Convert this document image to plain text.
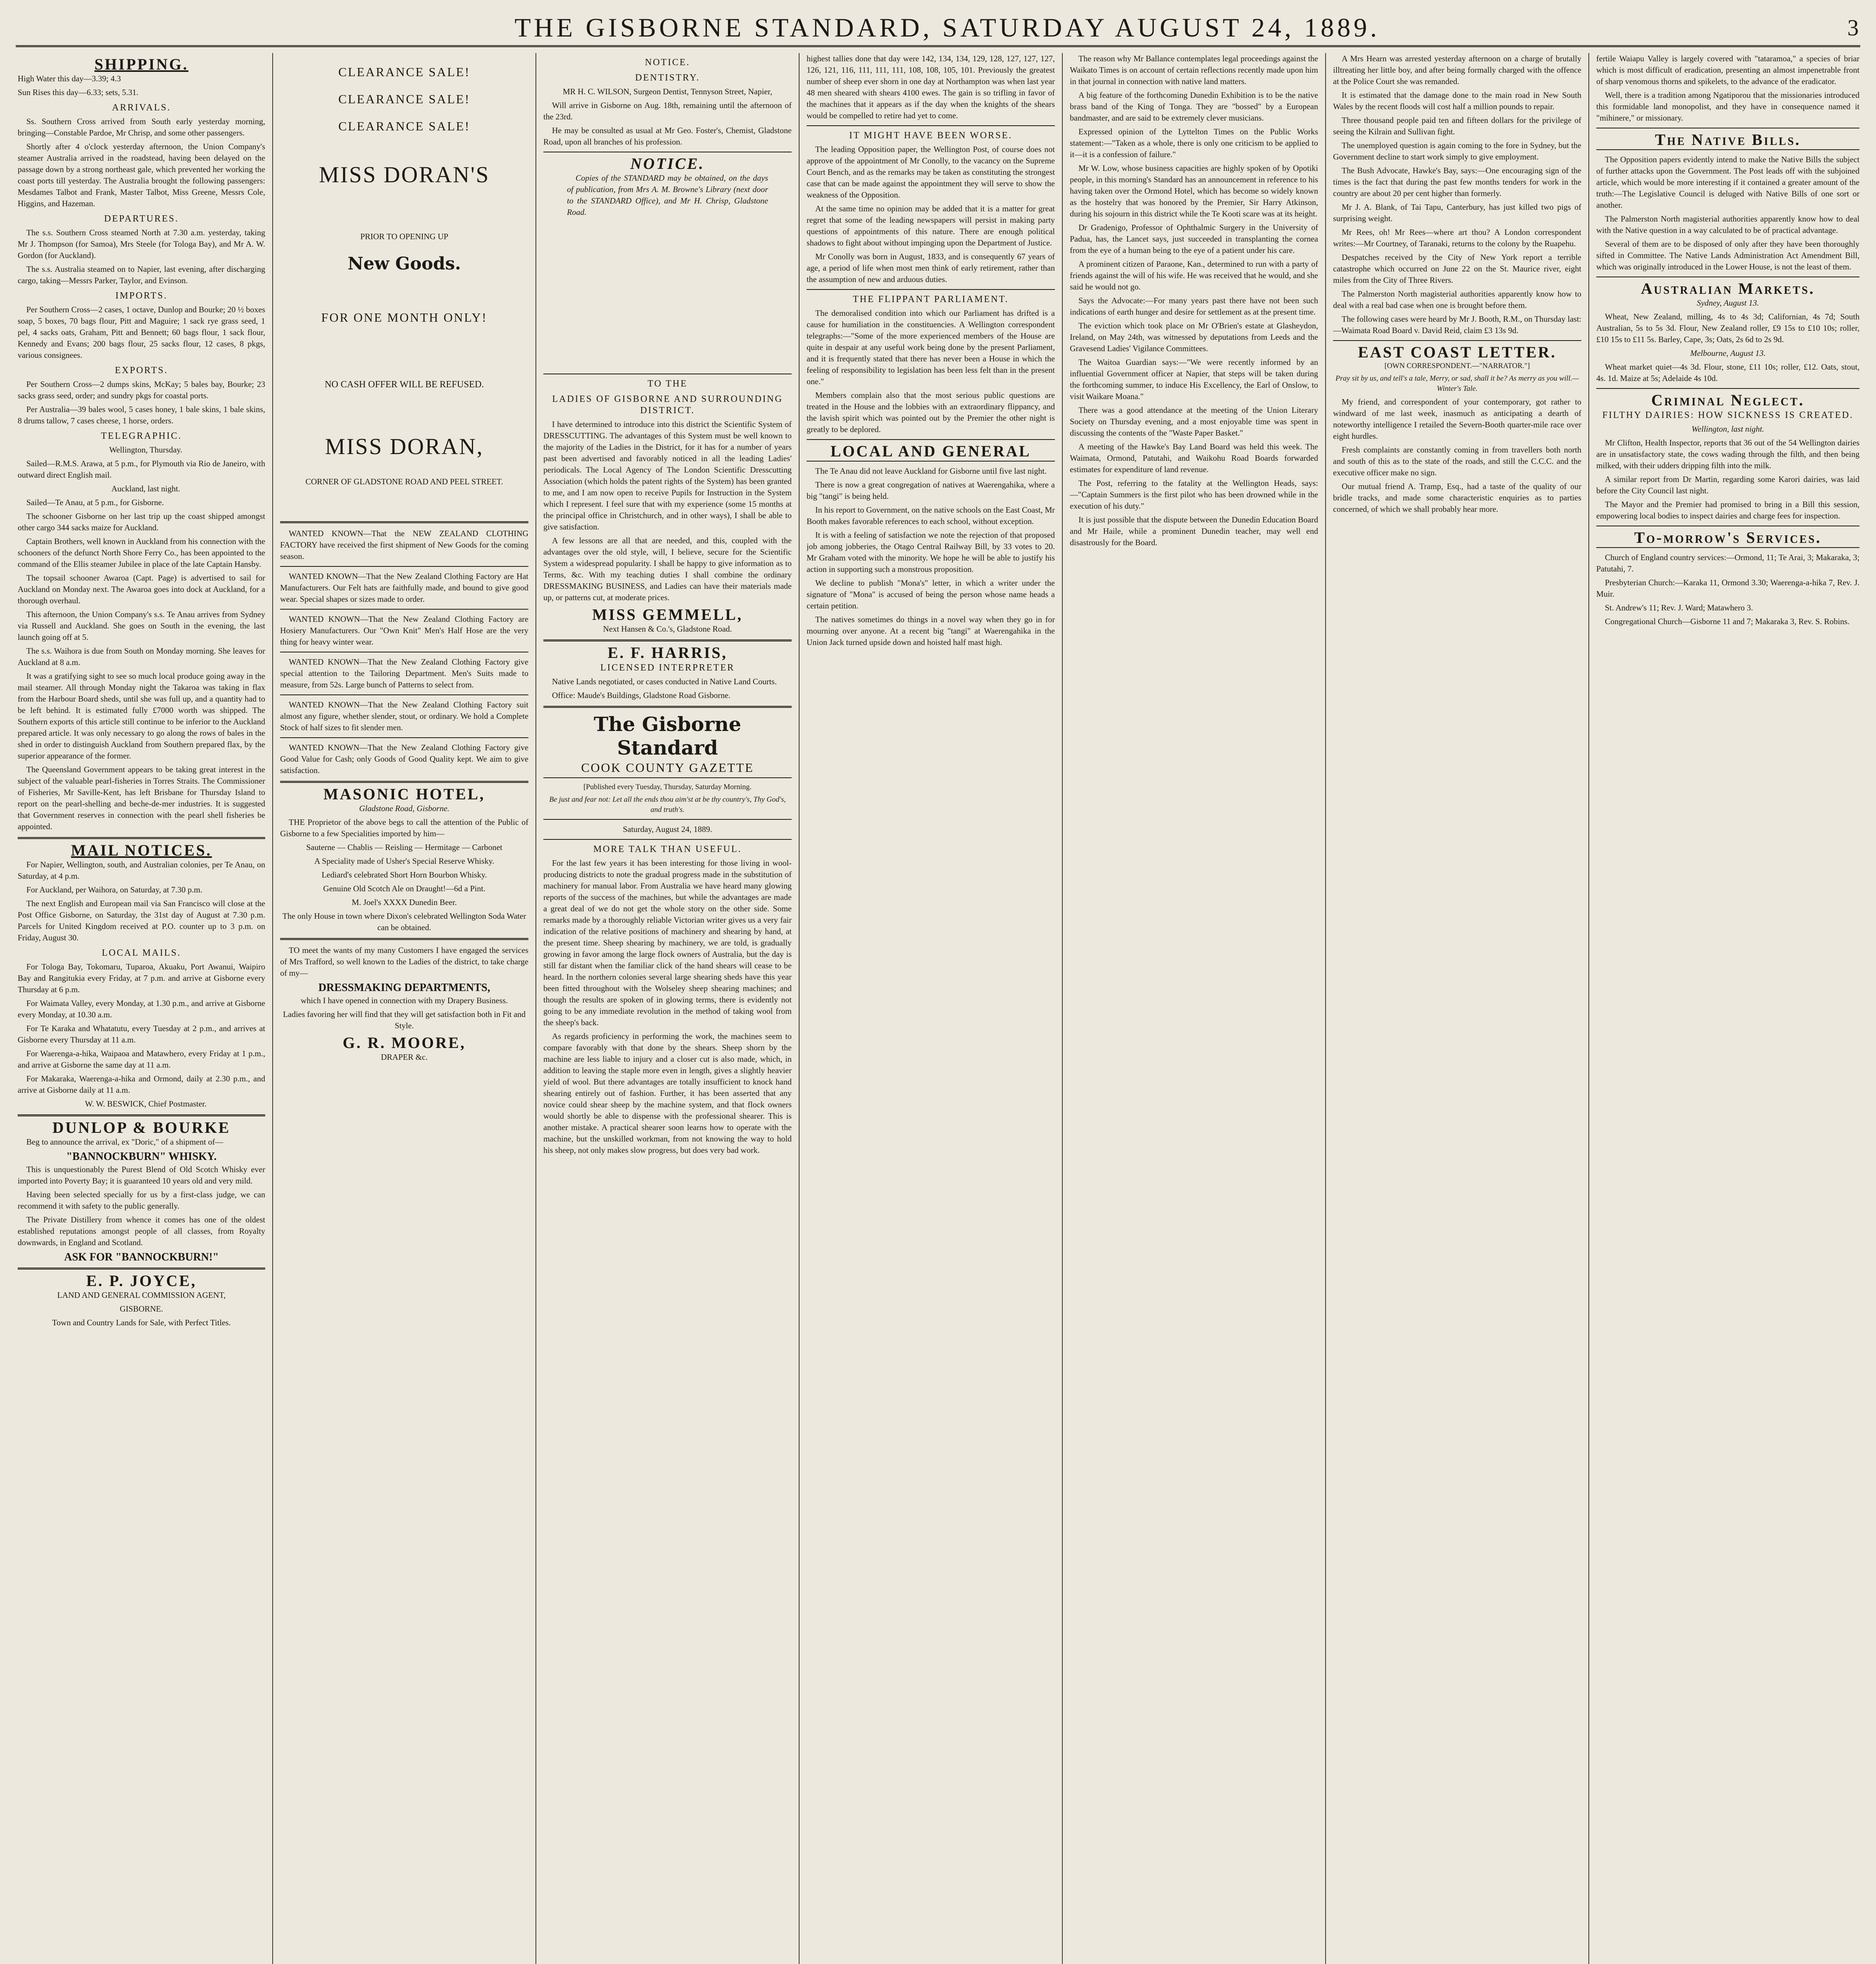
THE GISBORNE STANDARD, SATURDAY AUGUST 24, 1889.	3
SHIPPING.

High Water this day—3.39; 4.3

Sun Rises this day—6.33; sets, 5.31.

ARRIVALS.

Ss. Southern Cross arrived from South early yesterday morning, bringing—Constable Pardoe, Mr Chrisp, and some other passengers.

Shortly after 4 o'clock yesterday afternoon, the Union Company's steamer Australia arrived in the roadstead, having been delayed on the passage down by a strong northeast gale, which prevented her working the coast ports till yesterday. The Australia brought the following passengers: Mesdames Talbot and Frank, Master Talbot, Miss Greene, Messrs Cole, Higgins, and Hazeman.

DEPARTURES.

The s.s. Southern Cross steamed North at 7.30 a.m. yesterday, taking Mr J. Thompson (for Samoa), Mrs Steele (for Tologa Bay), and Mr A. W. Gordon (for Auckland).

The s.s. Australia steamed on to Napier, last evening, after discharging cargo, taking—Messrs Parker, Taylor, and Evinson.

IMPORTS.

Per Southern Cross—2 cases, 1 octave, Dunlop and Bourke; 20 ½ boxes soap, 5 boxes, 70 bags flour, Pitt and Maguire; 1 sack rye grass seed, 1 pel, 4 sacks oats, Graham, Pitt and Bennett; 60 bags flour, 1 sack flour, Kennedy and Evans; 200 bags flour, 25 sacks flour, 12 cases, 8 pkgs, various consignees.

EXPORTS.

Per Southern Cross—2 dumps skins, McKay; 5 bales bay, Bourke; 23 sacks grass seed, order; and sundry pkgs for coastal ports.

Per Australia—39 bales wool, 5 cases honey, 1 bale skins, 1 bale skins, 8 drums tallow, 7 cases cheese, 1 horse, orders.

TELEGRAPHIC.

Wellington, Thursday.

Sailed—R.M.S. Arawa, at 5 p.m., for Plymouth via Rio de Janeiro, with outward direct English mail.

Auckland, last night.

Sailed—Te Anau, at 5 p.m., for Gisborne.

The schooner Gisborne on her last trip up the coast shipped amongst other cargo 344 sacks maize for Auckland.

Captain Brothers, well known in Auckland from his connection with the schooners of the defunct North Shore Ferry Co., has been appointed to the command of the Ellis steamer Jubilee in place of the late Captain Hansby.

The topsail schooner Awaroa (Capt. Page) is advertised to sail for Auckland on Monday next. The Awaroa goes into dock at Auckland, for a thorough overhaul.

This afternoon, the Union Company's s.s. Te Anau arrives from Sydney via Russell and Auckland. She goes on South in the evening, the last launch going off at 5.

The s.s. Waihora is due from South on Monday morning. She leaves for Auckland at 8 a.m.

It was a gratifying sight to see so much local produce going away in the mail steamer. All through Monday night the Takaroa was taking in flax from the Harbour Board sheds, until she was full up, and a quantity had to be left behind. It is estimated fully £7000 worth was shipped. The Southern exports of this article still continue to be inferior to the Auckland prepared article. It was only necessary to go along the rows of bales in the shed in order to distinguish Auckland from Southern prepared flax, by the superior appearance of the former.

The Queensland Government appears to be taking great interest in the subject of the valuable pearl-fisheries in Torres Straits. The Commissioner of Fisheries, Mr Saville-Kent, has left Brisbane for Thursday Island to report on the pearl-shelling and beche-de-mer industries. It is suggested that Government reserves in connection with the pearl shell fisheries be appointed.

MAIL NOTICES.

For Napier, Wellington, south, and Australian colonies, per Te Anau, on Saturday, at 4 p.m.

For Auckland, per Waihora, on Saturday, at 7.30 p.m.

The next English and European mail via San Francisco will close at the Post Office Gisborne, on Saturday, the 31st day of August at 7.30 p.m. Parcels for United Kingdom received at P.O. counter up to 3 p.m. on Friday, August 30.

LOCAL MAILS.

For Tologa Bay, Tokomaru, Tuparoa, Akuaku, Port Awanui, Waipiro Bay and Rangitukia every Friday, at 7 p.m. and arrive at Gisborne every Thursday at 6 p.m.

For Waimata Valley, every Monday, at 1.30 p.m., and arrive at Gisborne every Monday, at 10.30 a.m.

For Te Karaka and Whatatutu, every Tuesday at 2 p.m., and arrives at Gisborne every Thursday at 11 a.m.

For Waerenga-a-hika, Waipaoa and Matawhero, every Friday at 1 p.m., and arrive at Gisborne the same day at 11 a.m.

For Makaraka, Waerenga-a-hika and Ormond, daily at 2.30 p.m., and arrive at Gisborne daily at 11 a.m.

W. W. BESWICK, Chief Postmaster.

DUNLOP & BOURKE

Beg to announce the arrival, ex "Doric," of a shipment of—

"BANNOCKBURN" WHISKY.

This is unquestionably the Purest Blend of Old Scotch Whisky ever imported into Poverty Bay; it is guaranteed 10 years old and very mild.

Having been selected specially for us by a first-class judge, we can recommend it with safety to the public generally.

The Private Distillery from whence it comes has one of the oldest established reputations amongst people of all classes, from Royalty downwards, in England and Scotland.

ASK FOR "BANNOCKBURN!"
E. P. JOYCE,

LAND AND GENERAL COMMISSION AGENT,

GISBORNE.

Town and Country Lands for Sale, with Perfect Titles.

CLEARANCE SALE!

CLEARANCE SALE!

CLEARANCE SALE!

MISS DORAN'S

PRIOR TO OPENING UP

New Goods.

FOR ONE MONTH ONLY!

NO CASH OFFER WILL BE REFUSED.

MISS DORAN,

CORNER OF GLADSTONE ROAD AND PEEL STREET.

WANTED KNOWN—That the NEW ZEALAND CLOTHING FACTORY have received the first shipment of New Goods for the coming season.

WANTED KNOWN—That the New Zealand Clothing Factory are Hat Manufacturers. Our Felt hats are faithfully made, and bound to give good wear. Special shapes or sizes made to order.

WANTED KNOWN—That the New Zealand Clothing Factory are Hosiery Manufacturers. Our "Own Knit" Men's Half Hose are the very thing for heavy winter wear.

WANTED KNOWN—That the New Zealand Clothing Factory give special attention to the Tailoring Department. Men's Suits made to measure, from 52s. Large bunch of Patterns to select from.

WANTED KNOWN—That the New Zealand Clothing Factory suit almost any figure, whether slender, stout, or ordinary. We hold a Complete Stock of half sizes to fit slender men.

WANTED KNOWN—That the New Zealand Clothing Factory give Good Value for Cash; only Goods of Good Quality kept. We aim to give satisfaction.

MASONIC HOTEL,

Gladstone Road, Gisborne.

THE Proprietor of the above begs to call the attention of the Public of Gisborne to a few Specialities imported by him—

Sauterne — Chablis — Reisling — Hermitage — Carbonet

A Speciality made of Usher's Special Reserve Whisky.

Lediard's celebrated Short Horn Bourbon Whisky.

Genuine Old Scotch Ale on Draught!—6d a Pint.

M. Joel's XXXX Dunedin Beer.

The only House in town where Dixon's celebrated Wellington Soda Water can be obtained.

TO meet the wants of my many Customers I have engaged the services of Mrs Trafford, so well known to the Ladies of the district, to take charge of my—

DRESSMAKING DEPARTMENTS,

which I have opened in connection with my Drapery Business.

Ladies favoring her will find that they will get satisfaction both in Fit and Style.

G. R. MOORE,

DRAPER &c.

NOTICE.
DENTISTRY.

MR H. C. WILSON, Surgeon Dentist, Tennyson Street, Napier,

Will arrive in Gisborne on Aug. 18th, remaining until the afternoon of the 23rd.

He may be consulted as usual at Mr Geo. Foster's, Chemist, Gladstone Road, upon all branches of his profession.

NOTICE.

Copies of the STANDARD may be obtained, on the days of publication, from Mrs A. M. Browne's Library (next door to the STANDARD Office), and Mr H. Chrisp, Gladstone Road.

TO THE
LADIES OF GISBORNE AND SURROUNDING DISTRICT.

I have determined to introduce into this district the Scientific System of DRESSCUTTING. The advantages of this System must be well known to the majority of the Ladies in the District, for it has for a number of years past been advertised and favorably noticed in all the leading Ladies' periodicals. The Local Agency of The London Scientific Dresscutting Association (which holds the patent rights of the System) has been granted to me, and I am now open to receive Pupils for Instruction in the System which I represent. I feel sure that with my experience (some 15 months at the principal office in Christchurch, and in other ways), I shall be able to give satisfaction.

A few lessons are all that are needed, and this, coupled with the advantages over the old style, will, I believe, secure for the Scientific System a widespread popularity. I shall be happy to give information as to Terms, &c. With my teaching duties I shall combine the ordinary DRESSMAKING BUSINESS, and Ladies can have their materials made up, or patterns cut, at moderate prices.

MISS GEMMELL,

Next Hansen & Co.'s, Gladstone Road.

E. F. HARRIS,
LICENSED INTERPRETER

Native Lands negotiated, or cases conducted in Native Land Courts.

Office: Maude's Buildings, Gladstone Road Gisborne.

The Gisborne Standard

COOK COUNTY GAZETTE

[Published every Tuesday, Thursday, Saturday Morning.

Be just and fear not: Let all the ends thou aim'st at be thy country's, Thy God's, and truth's.

Saturday, August 24, 1889.

MORE TALK THAN USEFUL.

For the last few years it has been interesting for those living in wool-producing districts to note the gradual progress made in the substitution of machinery for manual labor. From Australia we have heard many glowing reports of the success of the machines, but while the advantages are made a great deal of we do not get the whole story on the other side. Some remarks made by a thoroughly reliable Victorian writer gives us a very fair indication of the relative positions of machinery and shearing by hand, at the present time. Sheep shearing by machinery, we are told, is gradually growing in favor among the large flock owners of Australia, but the day is still far distant when the familiar click of the hand shears will cease to be heard. In the northern colonies several large shearing sheds have this year been fitted throughout with the Wolseley sheep shearing machines; and though the results are spoken of in glowing terms, there is evidently not going to be any immediate revolution in the method of taking wool from the sheep's back.

As regards proficiency in performing the work, the machines seem to compare favorably with that done by the shears. Sheep shorn by the machine are less liable to injury and a closer cut is also made, which, in addition to leaving the staple more even in length, gives a slightly heavier yield of wool. But there advantages are totally insufficient to knock hand shearing entirely out of fashion. Further, it has been asserted that any novice could shear sheep by the machine system, and that flock owners would shortly be able to dispense with the professional shearer. This is another mistake. A practical shearer soon learns how to operate with the machine, but the unskilled workman, from not knowing the way to hold his sheep, not only makes slow progress, but does very bad work.

highest tallies done that day were 142, 134, 134, 129, 128, 127, 127, 127, 126, 121, 116, 111, 111, 111, 108, 108, 105, 101. Previously the greatest number of sheep ever shorn in one day at Northampton was when last year 48 men sheared with shears 4100 ewes. The gain is so trifling in favor of the machines that it appears as if the day when the knights of the shears would be compelled to retire had yet to come.

IT MIGHT HAVE BEEN WORSE.

The leading Opposition paper, the Wellington Post, of course does not approve of the appointment of Mr Conolly, to the vacancy on the Supreme Court Bench, and as the remarks may be taken as constituting the strongest case that can be made against the appointment they will serve to show the weakness of the Opposition.

At the same time no opinion may be added that it is a matter for great regret that some of the leading newspapers will persist in making party questions of appointments of this nature. There are enough political shadows to fight about without impinging upon the Department of Justice.

Mr Conolly was born in August, 1833, and is consequently 67 years of age, a period of life when most men think of early retirement, rather than the assumption of new and arduous duties.

THE FLIPPANT PARLIAMENT.

The demoralised condition into which our Parliament has drifted is a cause for humiliation in the constituencies. A Wellington correspondent telegraphs:—"Some of the more experienced members of the House are quite in despair at any useful work being done by the present Parliament, and it is frequently stated that there has never been a House in which the feeling of responsibility to legislation has been less felt than in the present one."

Members complain also that the most serious public questions are treated in the House and the lobbies with an extraordinary flippancy, and the lavish spirit which was pointed out by the Premier the other night is greatly to be deplored.

LOCAL AND GENERAL

The Te Anau did not leave Auckland for Gisborne until five last night.

There is now a great congregation of natives at Waerengahika, where a big "tangi" is being held.

In his report to Government, on the native schools on the East Coast, Mr Booth makes favorable references to each school, without exception.

It is with a feeling of satisfaction we note the rejection of that proposed job among jobberies, the Otago Central Railway Bill, by 33 votes to 20. Mr Graham voted with the minority. We hope he will be able to justify his action in supporting such a monstrous proposition.

We decline to publish "Mona's" letter, in which a writer under the signature of "Mona" is accused of being the person whose name heads a certain petition.

The natives sometimes do things in a novel way when they go in for mourning over anyone. At a recent big "tangi" at Waerengahika in the Union Jack turned upside down and hoisted half mast high.

The reason why Mr Ballance contemplates legal proceedings against the Waikato Times is on account of certain reflections recently made upon him in that journal in connection with native land matters.

A big feature of the forthcoming Dunedin Exhibition is to be the native brass band of the King of Tonga. They are "bossed" by a European bandmaster, and are said to be extremely clever musicians.

Expressed opinion of the Lyttelton Times on the Public Works statement:—"Taken as a whole, there is only one criticism to be applied to it—it is a confession of failure."

Mr W. Low, whose business capacities are highly spoken of by Opotiki people, in this morning's Standard has an announcement in reference to his having taken over the Ormond Hotel, which has become so widely known as the hostelry that was honored by the Premier, Sir Harry Atkinson, during his sojourn in this district while the Te Kooti scare was at its height.

Dr Gradenigo, Professor of Ophthalmic Surgery in the University of Padua, has, the Lancet says, just succeeded in transplanting the cornea from the eye of a human being to the eye of a patient under his care.

A prominent citizen of Paraone, Kan., determined to run with a party of friends against the will of his wife. He was received that he would, and she said he would not go.

Says the Advocate:—For many years past there have not been such indications of earth hunger and desire for settlement as at the present time.

The eviction which took place on Mr O'Brien's estate at Glasheydon, Ireland, on May 24th, was witnessed by deputations from Leeds and the Gravesend Ladies' Vigilance Committees.

The Waitoa Guardian says:—"We were recently informed by an influential Government officer at Napier, that steps will be taken during the forthcoming summer, to induce His Excellency, the Earl of Onslow, to visit Waikare Moana."

There was a good attendance at the meeting of the Union Literary Society on Thursday evening, and a most enjoyable time was spent in discussing the contents of the "Waste Paper Basket."

A meeting of the Hawke's Bay Land Board was held this week. The Waimata, Ormond, Patutahi, and Waikohu Road Boards forwarded estimates for expenditure of land revenue.

The Post, referring to the fatality at the Wellington Heads, says:—"Captain Summers is the first pilot who has been drowned while in the execution of his duty."

It is just possible that the dispute between the Dunedin Education Board and Mr Haile, while a prominent Dunedin teacher, may well end disastrously for the Board.

A Mrs Hearn was arrested yesterday afternoon on a charge of brutally illtreating her little boy, and after being formally charged with the offence at the Police Court she was remanded.

It is estimated that the damage done to the main road in New South Wales by the recent floods will cost half a million pounds to repair.

Three thousand people paid ten and fifteen dollars for the privilege of seeing the Kilrain and Sullivan fight.

The unemployed question is again coming to the fore in Sydney, but the Government decline to start work simply to give employment.

The Bush Advocate, Hawke's Bay, says:—One encouraging sign of the times is the fact that during the past few months tenders for work in the country are about 20 per cent higher than formerly.

Mr J. A. Blank, of Tai Tapu, Canterbury, has just killed two pigs of surprising weight.

Mr Rees, oh! Mr Rees—where art thou? A London correspondent writes:—Mr Courtney, of Taranaki, returns to the colony by the Ruapehu.

Despatches received by the City of New York report a terrible catastrophe which occurred on June 22 on the St. Maurice river, eight miles from the City of Three Rivers.

The Palmerston North magisterial authorities apparently know how to deal with a real bad case when one is brought before them.

The following cases were heard by Mr J. Booth, R.M., on Thursday last:—Waimata Road Board v. David Reid, claim £3 13s 9d.

EAST COAST LETTER.

[OWN CORRESPONDENT.—"NARRATOR."]

Pray sit by us, and tell's a tale, Merry, or sad, shall it be? As merry as you will.—Winter's Tale.

My friend, and correspondent of your contemporary, got rather to windward of me last week, inasmuch as anticipating a dearth of noteworthy intelligence I retailed the Severn-Booth quarter-mile race over eight hurdles.

Fresh complaints are constantly coming in from travellers both north and south of this as to the state of the roads, and still the C.C.C. and the executive officer make no sign.

Our mutual friend A. Tramp, Esq., had a taste of the quality of our bridle tracks, and made some characteristic enquiries as to parties concerned, of which we shall probably hear more.

fertile Waiapu Valley is largely covered with "tataramoa," a species of briar which is most difficult of eradication, presenting an almost impenetrable front of sharp venomous thorns and spikelets, to the advance of the eradicator.

Well, there is a tradition among Ngatiporou that the missionaries introduced this formidable land monopolist, and they have in consequence named it "mihinere," or missionary.

The Native Bills.

The Opposition papers evidently intend to make the Native Bills the subject of further attacks upon the Government. The Post leads off with the subjoined article, which would be more interesting if it contained a greater amount of the truth:—The Legislative Council is deluged with Native Bills of one sort or another.

The Palmerston North magisterial authorities apparently know how to deal with the Native question in a way calculated to be of practical advantage.

Several of them are to be disposed of only after they have been thoroughly sifted in Committee. The Native Lands Administration Act Amendment Bill, which was originally introduced in the Lower House, is not the least of them.

Australian Markets.

Sydney, August 13.

Wheat, New Zealand, milling, 4s to 4s 3d; Californian, 4s 7d; South Australian, 5s to 5s 3d. Flour, New Zealand roller, £9 15s to £10 10s; roller, £10 15s to £11 5s. Barley, Cape, 3s; Oats, 2s 6d to 2s 9d.

Melbourne, August 13.

Wheat market quiet—4s 3d. Flour, stone, £11 10s; roller, £12. Oats, stout, 4s. 1d. Maize at 5s; Adelaide 4s 10d.

Criminal Neglect.
FILTHY DAIRIES: HOW SICKNESS IS CREATED.

Wellington, last night.

Mr Clifton, Health Inspector, reports that 36 out of the 54 Wellington dairies are in unsatisfactory state, the cows wading through the filth, and then being milked, with their udders dripping filth into the milk.

A similar report from Dr Martin, regarding some Karori dairies, was laid before the City Council last night.

The Mayor and the Premier had promised to bring in a Bill this session, empowering local bodies to inspect dairies and charge fees for inspection.

To-morrow's Services.

Church of England country services:—Ormond, 11; Te Arai, 3; Makaraka, 3; Patutahi, 7.

Presbyterian Church:—Karaka 11, Ormond 3.30; Waerenga-a-hika 7, Rev. J. Muir.

St. Andrew's 11; Rev. J. Ward; Matawhero 3.

Congregational Church—Gisborne 11 and 7; Makaraka 3, Rev. S. Robins.
